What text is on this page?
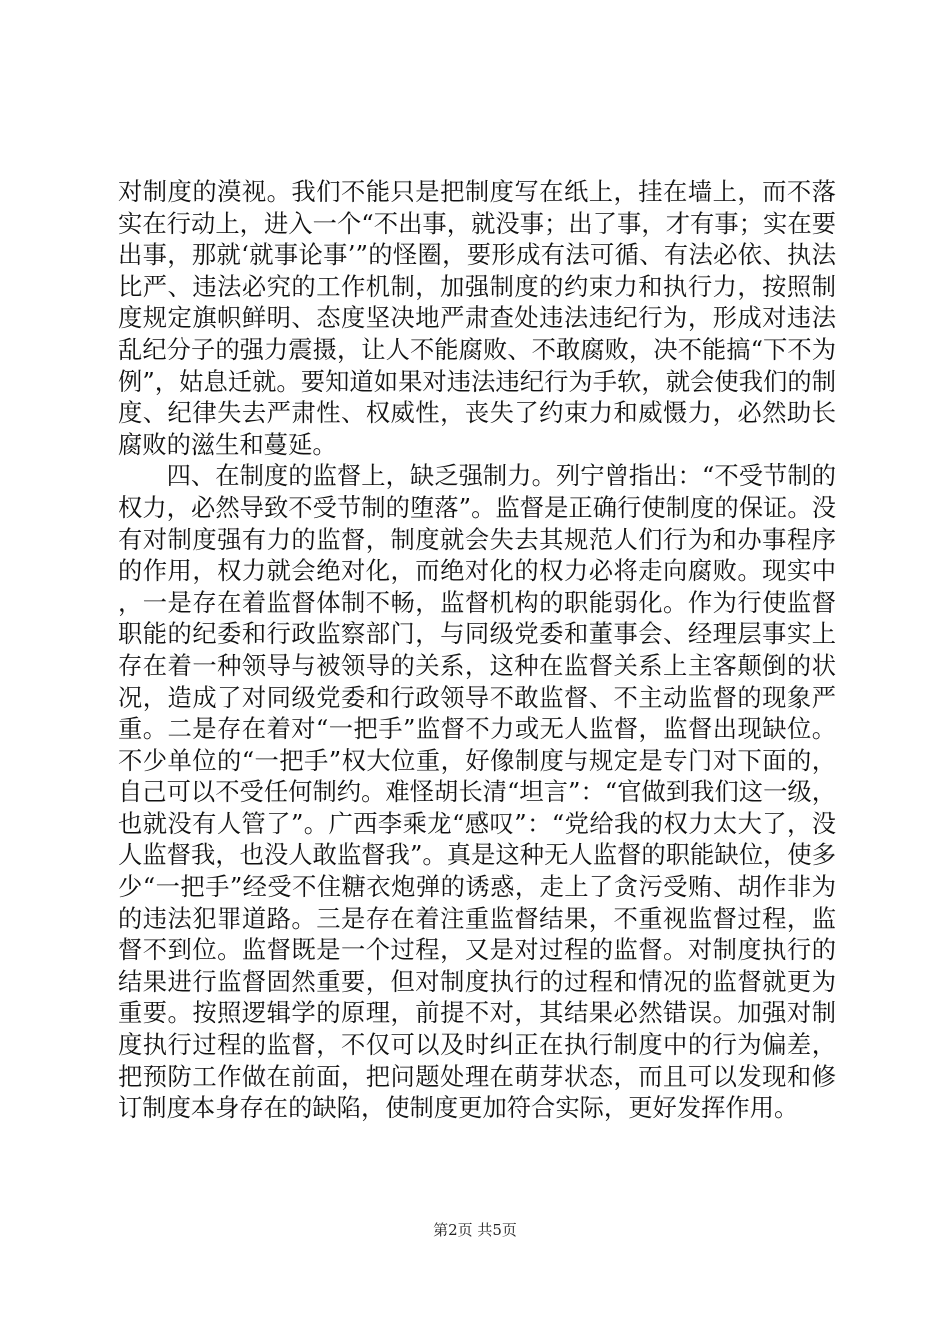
对制度的漠视。我们不能只是把制度写在纸上，挂在墙上，而不落实在行动上，进入一个“不出事，就没事；出了事，才有事；实在要出事，那就‘就事论事’”的怪圈，要形成有法可循、有法必依、执法比严、违法必究的工作机制，加强制度的约束力和执行力，按照制度规定旗帜鲜明、态度坚决地严肃查处违法违纪行为，形成对违法乱纪分子的强力震摄，让人不能腐败、不敢腐败，决不能搞“下不为例”，姑息迁就。要知道如果对违法违纪行为手软，就会使我们的制度、纪律失去严肃性、权威性，丧失了约束力和威慑力，必然助长腐败的滋生和蔓延。

四、在制度的监督上，缺乏强制力。列宁曾指出：“不受节制的权力，必然导致不受节制的堕落”。监督是正确行使制度的保证。没有对制度强有力的监督，制度就会失去其规范人们行为和办事程序的作用，权力就会绝对化，而绝对化的权力必将走向腐败。现实中，一是存在着监督体制不畅，监督机构的职能弱化。作为行使监督职能的纪委和行政监察部门，与同级党委和董事会、经理层事实上存在着一种领导与被领导的关系，这种在监督关系上主客颠倒的状况，造成了对同级党委和行政领导不敢监督、不主动监督的现象严重。二是存在着对“一把手”监督不力或无人监督，监督出现缺位。不少单位的“一把手”权大位重，好像制度与规定是专门对下面的，自己可以不受任何制约。难怪胡长清“坦言”：“官做到我们这一级，也就没有人管了”。广西李乘龙“感叹”：“党给我的权力太大了，没人监督我，也没人敢监督我”。真是这种无人监督的职能缺位，使多少“一把手”经受不住糖衣炮弹的诱惑，走上了贪污受贿、胡作非为的违法犯罪道路。三是存在着注重监督结果，不重视监督过程，监督不到位。监督既是一个过程，又是对过程的监督。对制度执行的结果进行监督固然重要，但对制度执行的过程和情况的监督就更为重要。按照逻辑学的原理，前提不对，其结果必然错误。加强对制度执行过程的监督，不仅可以及时纠正在执行制度中的行为偏差，把预防工作做在前面，把问题处理在萌芽状态，而且可以发现和修订制度本身存在的缺陷，使制度更加符合实际，更好发挥作用。

第2页 共5页
